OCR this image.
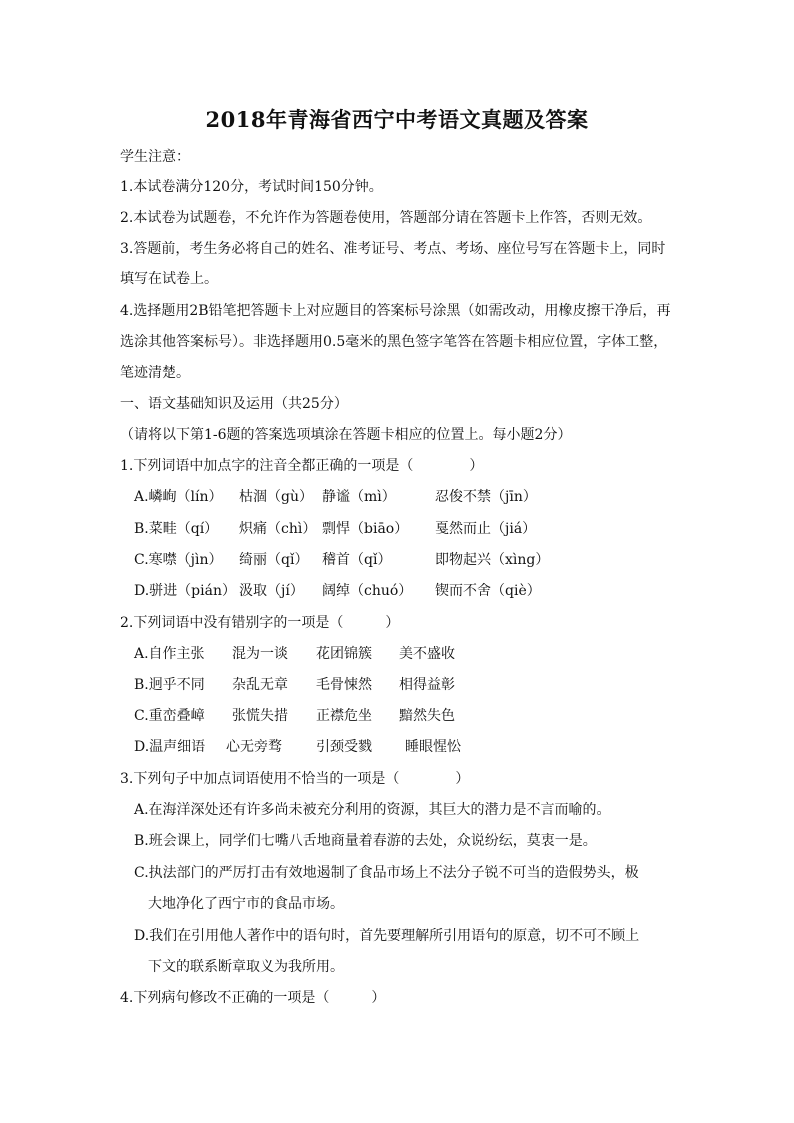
2018年青海省西宁中考语文真题及答案
学生注意：
1.本试卷满分120分，考试时间150分钟。
2.本试卷为试题卷，不允许作为答题卷使用，答题部分请在答题卡上作答，否则无效。
3.答题前，考生务必将自己的姓名、准考证号、考点、考场、座位号写在答题卡上，同时
填写在试卷上。
4.选择题用2B铅笔把答题卡上对应题目的答案标号涂黑（如需改动，用橡皮擦干净后，再
选涂其他答案标号）。非选择题用0.5毫米的黑色签字笔答在答题卡相应位置，字体工整，
笔迹清楚。
一、语文基础知识及运用（共25分）
（请将以下第1-6题的答案选项填涂在答题卡相应的位置上。每小题2分）
1.下列词语中加点字的注音全都正确的一项是（　　　　）
A.嶙峋（lín） 枯涸（gù） 静谧（mì）	忍俊不禁（jīn）
B.菜畦（qí） 炽痛（chì） 剽悍（biāo） 戛然而止（jiá）
C.寒噤（jìn） 绮丽（qǐ） 稽首（qǐ）	即物起兴（xìng）
D.骈进（pián） 汲取（jí） 阔绰（chuó） 锲而不舍（qiè）
2.下列词语中没有错别字的一项是（　　　）
A.自作主张 混为一谈 花团锦簇 美不盛收
B.迥乎不同 杂乱无章 毛骨悚然 相得益彰
C.重峦叠嶂 张慌失措 正襟危坐 黯然失色
D.温声细语 心无旁骛 引颈受戮 睡眼惺忪
3.下列句子中加点词语使用不恰当的一项是（　　　　）
A.在海洋深处还有许多尚未被充分利用的资源，其巨大的潜力是不言而喻的。
B.班会课上，同学们七嘴八舌地商量着春游的去处，众说纷纭，莫衷一是。
C.执法部门的严厉打击有效地遏制了食品市场上不法分子锐不可当的造假势头，极
大地净化了西宁市的食品市场。
D.我们在引用他人著作中的语句时，首先要理解所引用语句的原意，切不可不顾上
下文的联系断章取义为我所用。
4.下列病句修改不正确的一项是（　　　）
